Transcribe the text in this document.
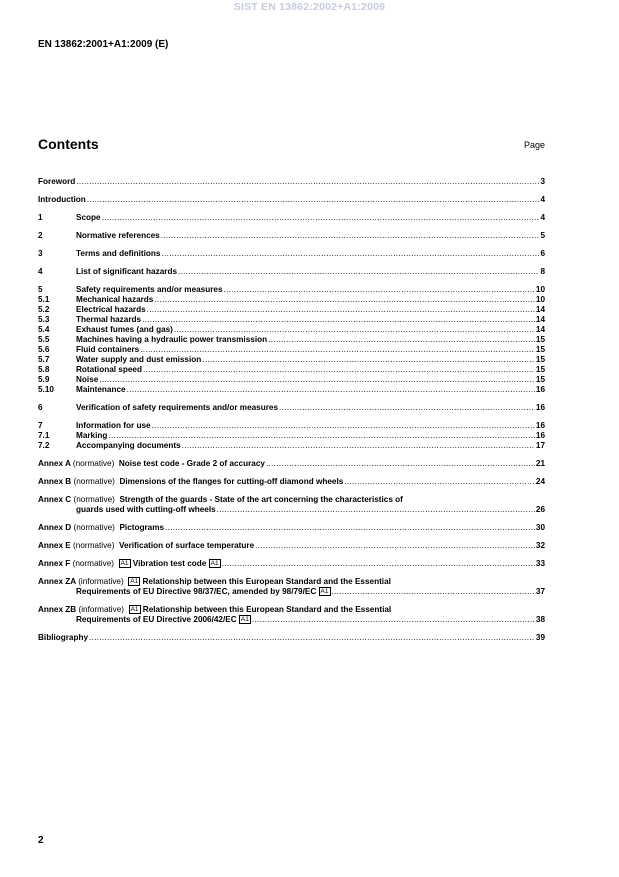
SIST EN 13862:2002+A1:2009
EN 13862:2001+A1:2009 (E)
Contents	Page
Foreword .....	3
Introduction .....	4
1	Scope .....	4
2	Normative references .....	5
3	Terms and definitions .....	6
4	List of significant hazards .....	8
5	Safety requirements and/or measures .....	10
5.1	Mechanical hazards .....	10
5.2	Electrical hazards .....	14
5.3	Thermal hazards .....	14
5.4	Exhaust fumes (and gas) .....	14
5.5	Machines having a hydraulic power transmission .....	15
5.6	Fluid containers .....	15
5.7	Water supply and dust emission .....	15
5.8	Rotational speed .....	15
5.9	Noise .....	15
5.10	Maintenance .....	16
6	Verification of safety requirements and/or measures .....	16
7	Information for use .....	16
7.1	Marking .....	16
7.2	Accompanying documents .....	17
Annex A (normative) Noise test code - Grade 2 of accuracy .....	21
Annex B (normative) Dimensions of the flanges for cutting-off diamond wheels .....	24
Annex C (normative) Strength of the guards - State of the art concerning the characteristics of
guards used with cutting-off wheels .....	26
Annex D (normative) Pictograms .....	30
Annex E (normative) Verification of surface temperature .....	32
Annex F (normative) A1 Vibration test code A1 .....	33
Annex ZA (informative) A1 Relationship between this European Standard and the Essential
Requirements of EU Directive 98/37/EC, amended by 98/79/EC A1 .....	37
Annex ZB (informative) A1 Relationship between this European Standard and the Essential
Requirements of EU Directive 2006/42/EC A1 .....	38
Bibliography .....	39
2
